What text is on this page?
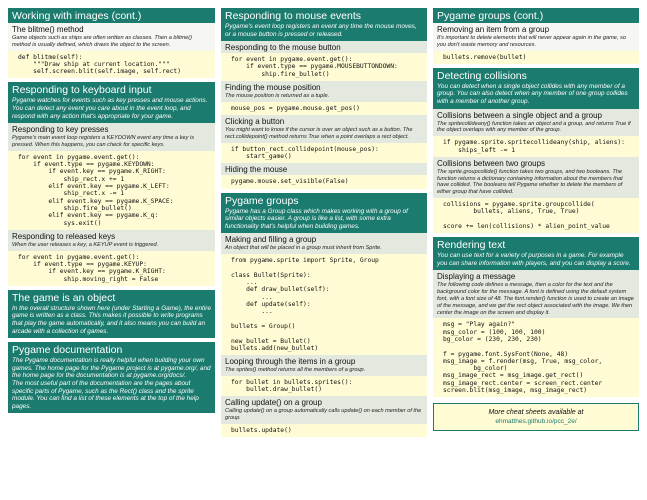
Working with images (cont.)
The blitme() method
Game objects such as ships are often written as classes. Then a blitme() method is usually defined, which draws the object to the screen.
def blitme(self):
"""Draw ship at current location."""
self.screen.blit(self.image, self.rect)
Responding to keyboard input
Pygame watches for events such as key presses and mouse actions. You can detect any event you care about in the event loop, and respond with any action that's appropriate for your game.
Responding to key presses
Pygame's main event loop registers a KEYDOWN event any time a key is pressed. When this happens, you can check for specific keys.
for event in pygame.event.get():
if event.type == pygame.KEYDOWN:
if event.key == pygame.K_RIGHT:
ship_rect.x += 1
elif event.key == pygame.K_LEFT:
ship_rect.x -= 1
elif event.key == pygame.K_SPACE:
ship.fire_bullet()
elif event.key == pygame.K_q:
sys.exit()
Responding to released keys
When the user releases a key, a KEYUP event is triggered.
for event in pygame.event.get():
if event.type == pygame.KEYUP:
if event.key == pygame.K_RIGHT:
ship.moving_right = False
The game is an object
In the overall structure shown here (under Starting a Game), the entire game is written as a class. This makes it possible to write programs that play the game automatically, and it also means you can build an arcade with a collection of games.
Pygame documentation
The Pygame documentation is really helpful when building your own games. The home page for the Pygame project is at pygame.org/, and the home page for the documentation is at pygame.org/docs/.
The most useful part of the documentation are the pages about specific parts of Pygame, such as the Rect() class and the sprite module. You can find a list of these elements at the top of the help pages.
Responding to mouse events
Pygame's event loop registers an event any time the mouse moves, or a mouse button is pressed or released.
Responding to the mouse button
for event in pygame.event.get():
if event.type == pygame.MOUSEBUTTONDOWN:
ship.fire_bullet()
Finding the mouse position
The mouse position is returned as a tuple.
mouse_pos = pygame.mouse.get_pos()
Clicking a button
You might want to know if the cursor is over an object such as a button. The rect.collidepoint() method returns True when a point overlaps a rect object.
if button_rect.collidepoint(mouse_pos):
start_game()
Hiding the mouse
pygame.mouse.set_visible(False)
Pygame groups
Pygame has a Group class which makes working with a group of similar objects easier. A group is like a list, with some extra functionality that's helpful when building games.
Making and filling a group
An object that will be placed in a group must inherit from Sprite.
from pygame.sprite import Sprite, Group

class Bullet(Sprite):
...
def draw_bullet(self):
...
def update(self):
...

bullets = Group()

new_bullet = Bullet()
bullets.add(new_bullet)
Looping through the items in a group
The sprites() method returns all the members of a group.
for bullet in bullets.sprites():
bullet.draw_bullet()
Calling update() on a group
Calling update() on a group automatically calls update() on each member of the group.
bullets.update()
Pygame groups (cont.)
Removing an item from a group
It's important to delete elements that will never appear again in the game, so you don't waste memory and resources.
bullets.remove(bullet)
Detecting collisions
You can detect when a single object collides with any member of a group. You can also detect when any member of one group collides with a member of another group.
Collisions between a single object and a group
The spritecollideany() function takes an object and a group, and returns True if the object overlaps with any member of the group.
if pygame.sprite.spritecollideany(ship, aliens):
ships_left -= 1
Collisions between two groups
The sprite.groupcollide() function takes two groups, and two booleans. The function returns a dictionary containing information about the members that have collided. The booleans tell Pygame whether to delete the members of either group that have collided.
collisions = pygame.sprite.groupcollide(
bullets, aliens, True, True)

score += len(collisions) * alien_point_value
Rendering text
You can use text for a variety of purposes in a game. For example you can share information with players, and you can display a score.
Displaying a message
The following code defines a message, then a color for the text and the background color for the message. A font is defined using the default system font, with a font size of 48. The font.render() function is used to create an image of the message, and we get the rect object associated with the image. We then center the image on the screen and display it.
msg = "Play again?"
msg_color = (100, 100, 100)
bg_color = (230, 230, 230)

f = pygame.font.SysFont(None, 48)
msg_image = f.render(msg, True, msg_color,
bg_color)
msg_image_rect = msg_image.get_rect()
msg_image_rect.center = screen_rect.center
screen.blit(msg_image, msg_image_rect)
More cheat sheets available at
ehmatthes.github.io/pcc_2e/
